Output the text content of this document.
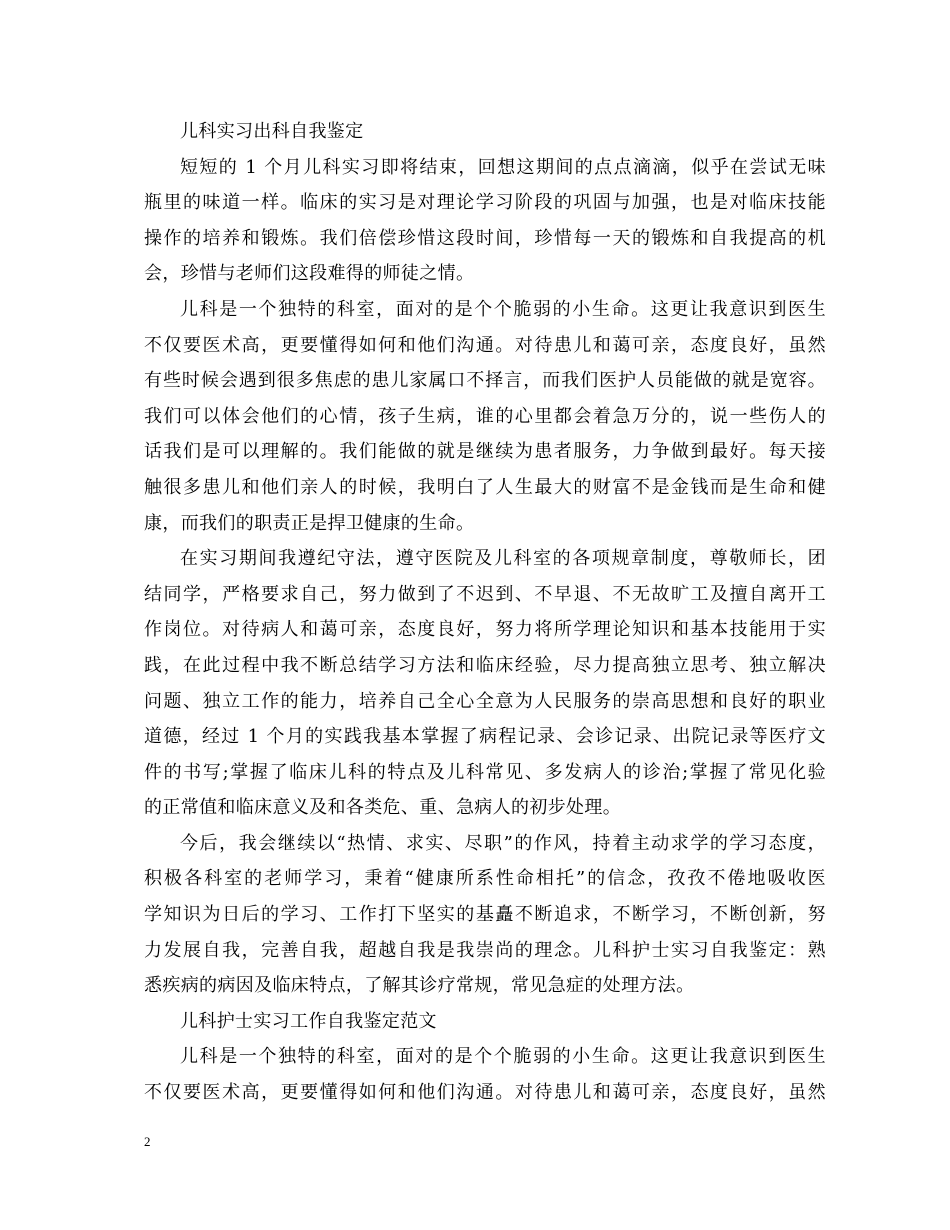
儿科实习出科自我鉴定
短短的 1 个月儿科实习即将结束，回想这期间的点点滴滴，似乎在尝试无味
瓶里的味道一样。临床的实习是对理论学习阶段的巩固与加强，也是对临床技能
操作的培养和锻炼。我们倍偿珍惜这段时间，珍惜每一天的锻炼和自我提高的机
会，珍惜与老师们这段难得的师徒之情。
儿科是一个独特的科室，面对的是个个脆弱的小生命。这更让我意识到医生
不仅要医术高，更要懂得如何和他们沟通。对待患儿和蔼可亲，态度良好，虽然
有些时候会遇到很多焦虑的患儿家属口不择言，而我们医护人员能做的就是宽容。
我们可以体会他们的心情，孩子生病，谁的心里都会着急万分的，说一些伤人的
话我们是可以理解的。我们能做的就是继续为患者服务，力争做到最好。每天接
触很多患儿和他们亲人的时候，我明白了人生最大的财富不是金钱而是生命和健
康，而我们的职责正是捍卫健康的生命。
在实习期间我遵纪守法，遵守医院及儿科室的各项规章制度，尊敬师长，团
结同学，严格要求自己，努力做到了不迟到、不早退、不无故旷工及擅自离开工
作岗位。对待病人和蔼可亲，态度良好，努力将所学理论知识和基本技能用于实
践，在此过程中我不断总结学习方法和临床经验，尽力提高独立思考、独立解决
问题、独立工作的能力，培养自己全心全意为人民服务的崇高思想和良好的职业
道德，经过 1 个月的实践我基本掌握了病程记录、会诊记录、出院记录等医疗文
件的书写;掌握了临床儿科的特点及儿科常见、多发病人的诊治;掌握了常见化验
的正常值和临床意义及和各类危、重、急病人的初步处理。
今后，我会继续以“热情、求实、尽职”的作风，持着主动求学的学习态度，
积极各科室的老师学习，秉着“健康所系性命相托”的信念，孜孜不倦地吸收医
学知识为日后的学习、工作打下坚实的基矗不断追求，不断学习，不断创新，努
力发展自我，完善自我，超越自我是我崇尚的理念。儿科护士实习自我鉴定：熟
悉疾病的病因及临床特点，了解其诊疗常规，常见急症的处理方法。
儿科护士实习工作自我鉴定范文
儿科是一个独特的科室，面对的是个个脆弱的小生命。这更让我意识到医生
不仅要医术高，更要懂得如何和他们沟通。对待患儿和蔼可亲，态度良好，虽然
2
